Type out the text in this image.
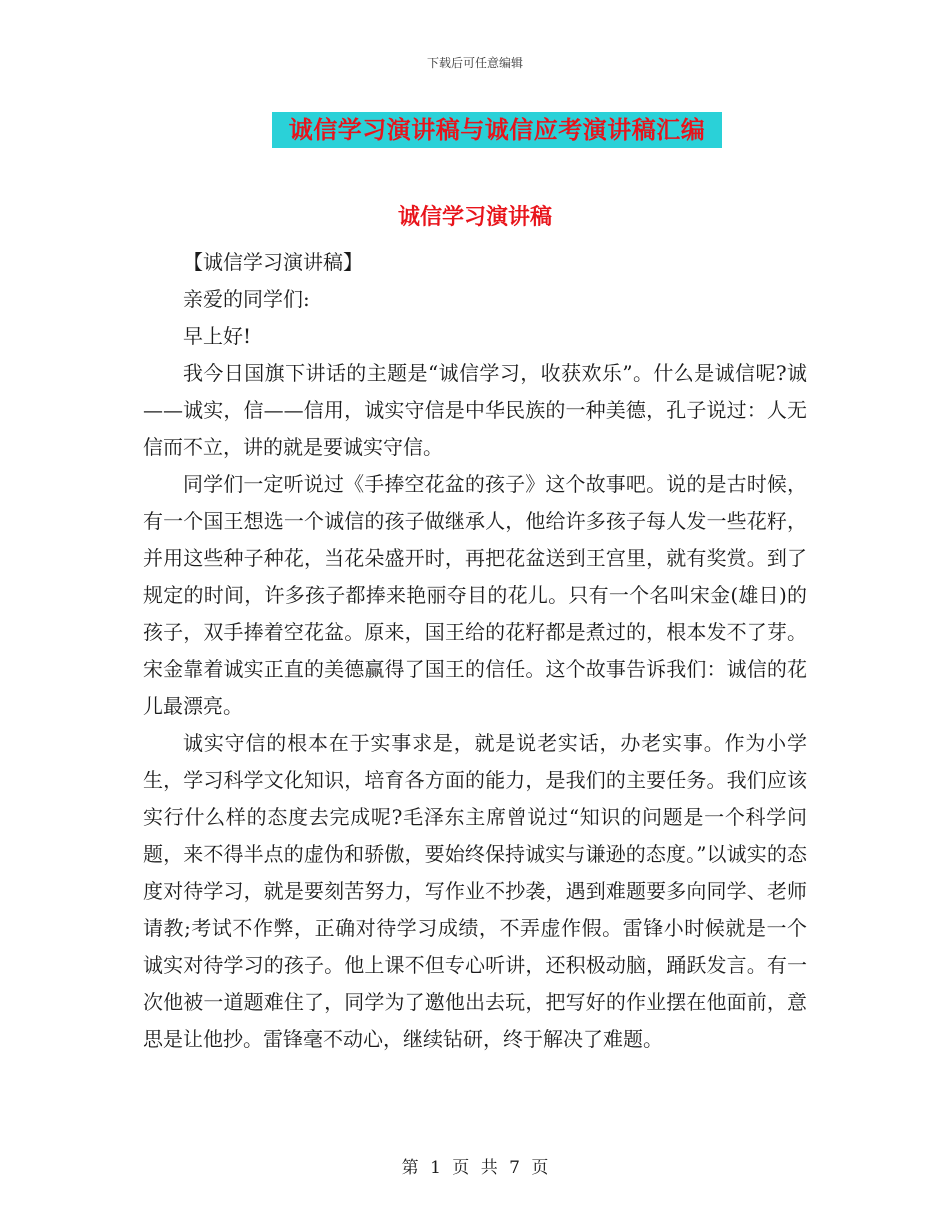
下载后可任意编辑
诚信学习演讲稿与诚信应考演讲稿汇编
诚信学习演讲稿

【诚信学习演讲稿】

亲爱的同学们:

早上好!

我今日国旗下讲话的主题是“诚信学习，收获欢乐”。什么是诚信呢?诚——诚实，信——信用，诚实守信是中华民族的一种美德，孔子说过：人无信而不立，讲的就是要诚实守信。

同学们一定听说过《手捧空花盆的孩子》这个故事吧。说的是古时候，有一个国王想选一个诚信的孩子做继承人，他给许多孩子每人发一些花籽，并用这些种子种花，当花朵盛开时，再把花盆送到王宫里，就有奖赏。到了规定的时间，许多孩子都捧来艳丽夺目的花儿。只有一个名叫宋金(雄日)的孩子，双手捧着空花盆。原来，国王给的花籽都是煮过的，根本发不了芽。宋金靠着诚实正直的美德赢得了国王的信任。这个故事告诉我们：诚信的花儿最漂亮。

诚实守信的根本在于实事求是，就是说老实话，办老实事。作为小学生，学习科学文化知识，培育各方面的能力，是我们的主要任务。我们应该实行什么样的态度去完成呢?毛泽东主席曾说过“知识的问题是一个科学问题，来不得半点的虚伪和骄傲，要始终保持诚实与谦逊的态度。”以诚实的态度对待学习，就是要刻苦努力，写作业不抄袭，遇到难题要多向同学、老师请教;考试不作弊，正确对待学习成绩，不弄虚作假。雷锋小时候就是一个诚实对待学习的孩子。他上课不但专心听讲，还积极动脑，踊跃发言。有一次他被一道题难住了，同学为了邀他出去玩，把写好的作业摆在他面前，意思是让他抄。雷锋毫不动心，继续钻研，终于解决了难题。

第 1 页 共 7 页
